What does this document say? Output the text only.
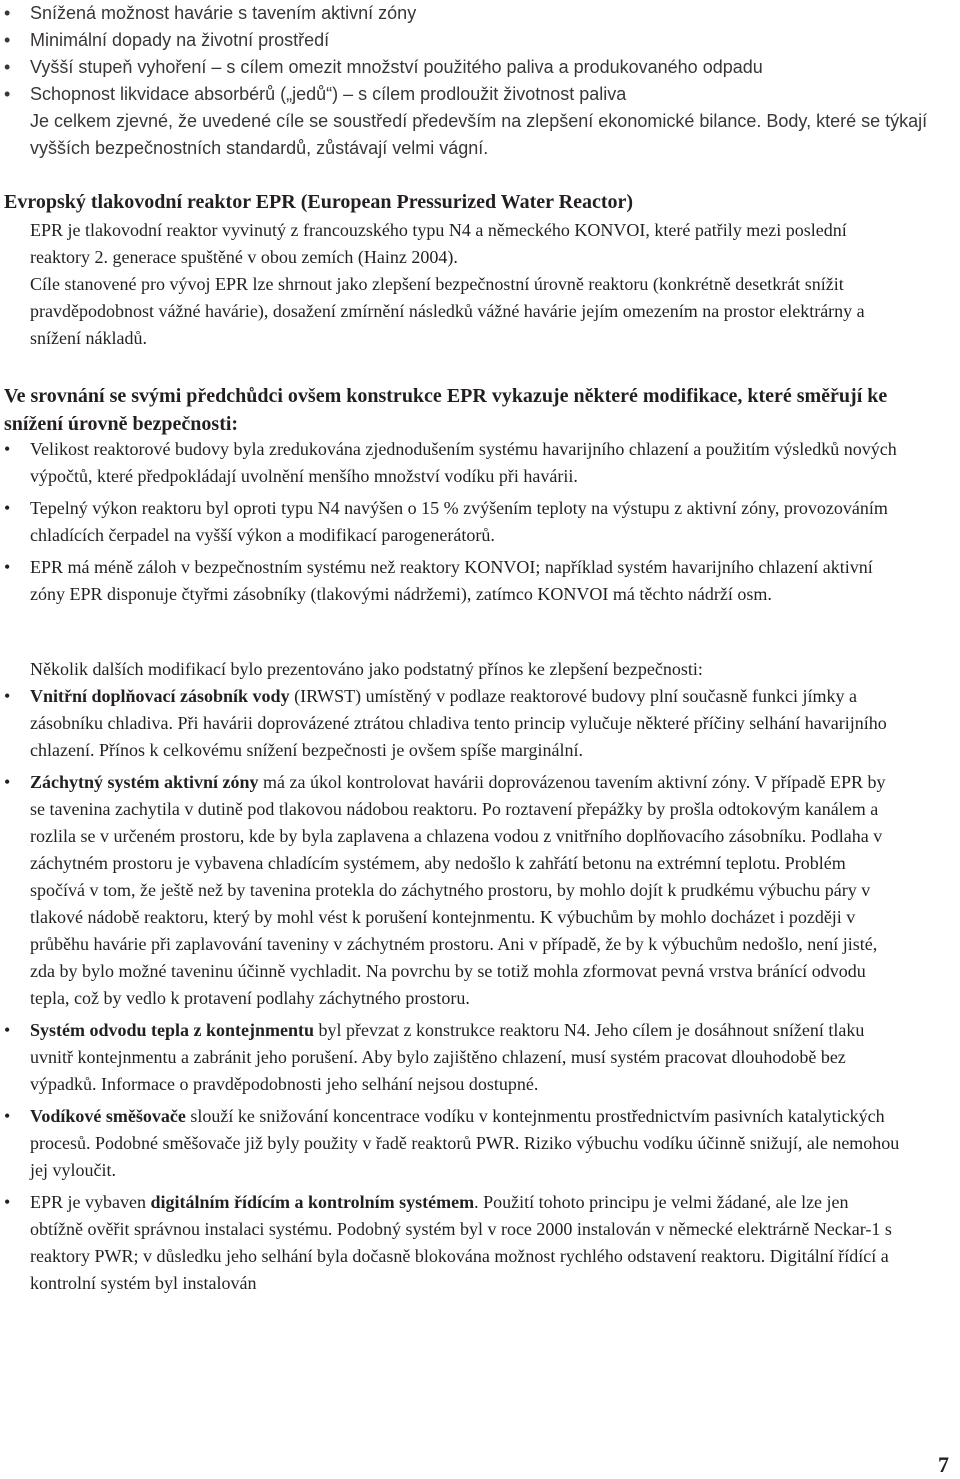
• Snížená možnost havárie s tavením aktivní zóny
• Minimální dopady na životní prostředí
• Vyšší stupeň vyhoření – s cílem omezit množství použitého paliva a produkovaného odpadu
• Schopnost likvidace absorbérů („jedů“) – s cílem prodloužit životnost paliva
Je celkem zjevné, že uvedené cíle se soustředí především na zlepšení ekonomické bilance. Body, které se týkají vyšších bezpečnostních standardů, zůstávají velmi vágní.
Evropský tlakovodní reaktor EPR (European Pressurized Water Reactor)
EPR je tlakovodní reaktor vyvinutý z francouzského typu N4 a německého KONVOI, které patřily mezi poslední reaktory 2. generace spuštěné v obou zemích (Hainz 2004).
Cíle stanovené pro vývoj EPR lze shrnout jako zlepšení bezpečnostní úrovně reaktoru (konkrétně desetkrát snížit pravděpodobnost vážné havárie), dosažení zmírnění následků vážné havárie jejím omezením na prostor elektrárny a snížení nákladů.
Ve srovnání se svými předchůdci ovšem konstrukce EPR vykazuje některé modifikace, které směřují ke snížení úrovně bezpečnosti:
• Velikost reaktorové budovy byla zredukována zjednodušením systému havarijního chlazení a použitím výsledků nových výpočtů, které předpokládají uvolnění menšího množství vodíku při havárii.
• Tepelný výkon reaktoru byl oproti typu N4 navýšen o 15 % zvýšením teploty na výstupu z aktivní zóny, provozováním chladících čerpadel na vyšší výkon a modifikací parogenerátorů.
• EPR má méně záloh v bezpečnostním systému než reaktory KONVOI; například systém havarijního chlazení aktivní zóny EPR disponuje čtyřmi zásobníky (tlakovými nádržemi), zatímco KONVOI má těchto nádrží osm.
Několik dalších modifikací bylo prezentováno jako podstatný přínos ke zlepšení bezpečnosti:
• Vnitřní doplňovací zásobník vody (IRWST) umístěný v podlaze reaktorové budovy plní současně funkci jímky a zásobníku chladiva. Při havárii doprovázené ztrátou chladiva tento princip vylučuje některé příčiny selhání havarijního chlazení. Přínos k celkovému snížení bezpečnosti je ovšem spíše marginální.
• Záchytný systém aktivní zóny má za úkol kontrolovat havárii doprovázenou tavením aktivní zóny. V případě EPR by se tavenina zachytila v dutině pod tlakovou nádobou reaktoru. Po roztavení přepážky by prošla odtokovým kanálem a rozlila se v určeném prostoru, kde by byla zaplavena a chlazena vodou z vnitřního doplňovacího zásobníku. Podlaha v záchytném prostoru je vybavena chladícím systémem, aby nedošlo k zahřátí betonu na extrémní teplotu. Problém spočívá v tom, že ještě než by tavenina protekla do záchytného prostoru, by mohlo dojít k prudkému výbuchu páry v tlakové nádobě reaktoru, který by mohl vést k porušení kontejnmentu. K výbuchům by mohlo docházet i později v průběhu havárie při zaplavování taveniny v záchytném prostoru. Ani v případě, že by k výbuchům nedošlo, není jisté, zda by bylo možné taveninu účinně vychladit. Na povrchu by se totiž mohla zformovat pevná vrstva bránící odvodu tepla, což by vedlo k protavení podlahy záchytného prostoru.
• Systém odvodu tepla z kontejnmentu byl převzat z konstrukce reaktoru N4. Jeho cílem je dosáhnout snížení tlaku uvnitř kontejnmentu a zabránit jeho porušení. Aby bylo zajištěno chlazení, musí systém pracovat dlouhodobě bez výpadků. Informace o pravděpodobnosti jeho selhání nejsou dostupné.
• Vodíkové směšovače slouží ke snižování koncentrace vodíku v kontejnmentu prostřednictvím pasivních katalytických procesů. Podobné směšovače již byly použity v řadě reaktorů PWR. Riziko výbuchu vodíku účinně snižují, ale nemohou jej vyloučit.
• EPR je vybaven digitálním řídícím a kontrolním systémem. Použití tohoto principu je velmi žádané, ale lze jen obtížně ověřit správnou instalaci systému. Podobný systém byl v roce 2000 instalován v německé elektrárně Neckar-1 s reaktory PWR; v důsledku jeho selhání byla dočasně blokována možnost rychlého odstavení reaktoru. Digitální řídící a kontrolní systém byl instalován
7
